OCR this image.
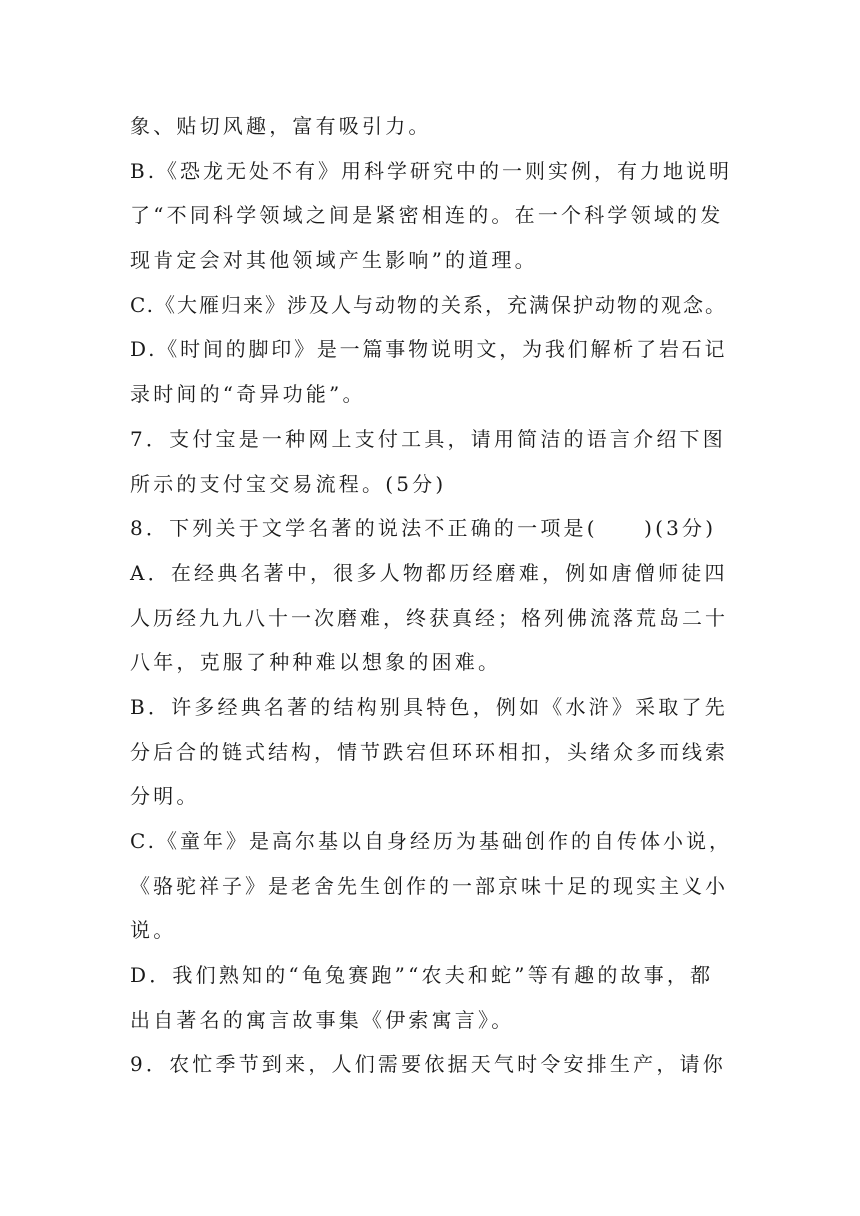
象、贴切风趣，富有吸引力。
B.《恐龙无处不有》用科学研究中的一则实例，有力地说明
了“不同科学领域之间是紧密相连的。在一个科学领域的发
现肯定会对其他领域产生影响”的道理。
C.《大雁归来》涉及人与动物的关系，充满保护动物的观念。
D.《时间的脚印》是一篇事物说明文，为我们解析了岩石记
录时间的“奇异功能”。
7．支付宝是一种网上支付工具，请用简洁的语言介绍下图
所示的支付宝交易流程。(5分)
8．下列关于文学名著的说法不正确的一项是(　　)(3分)
A．在经典名著中，很多人物都历经磨难，例如唐僧师徒四
人历经九九八十一次磨难，终获真经；格列佛流落荒岛二十
八年，克服了种种难以想象的困难。
B．许多经典名著的结构别具特色，例如《水浒》采取了先
分后合的链式结构，情节跌宕但环环相扣，头绪众多而线索
分明。
C.《童年》是高尔基以自身经历为基础创作的自传体小说，
《骆驼祥子》是老舍先生创作的一部京味十足的现实主义小
说。
D．我们熟知的“龟兔赛跑”“农夫和蛇”等有趣的故事，都
出自著名的寓言故事集《伊索寓言》。
9．农忙季节到来，人们需要依据天气时令安排生产，请你
